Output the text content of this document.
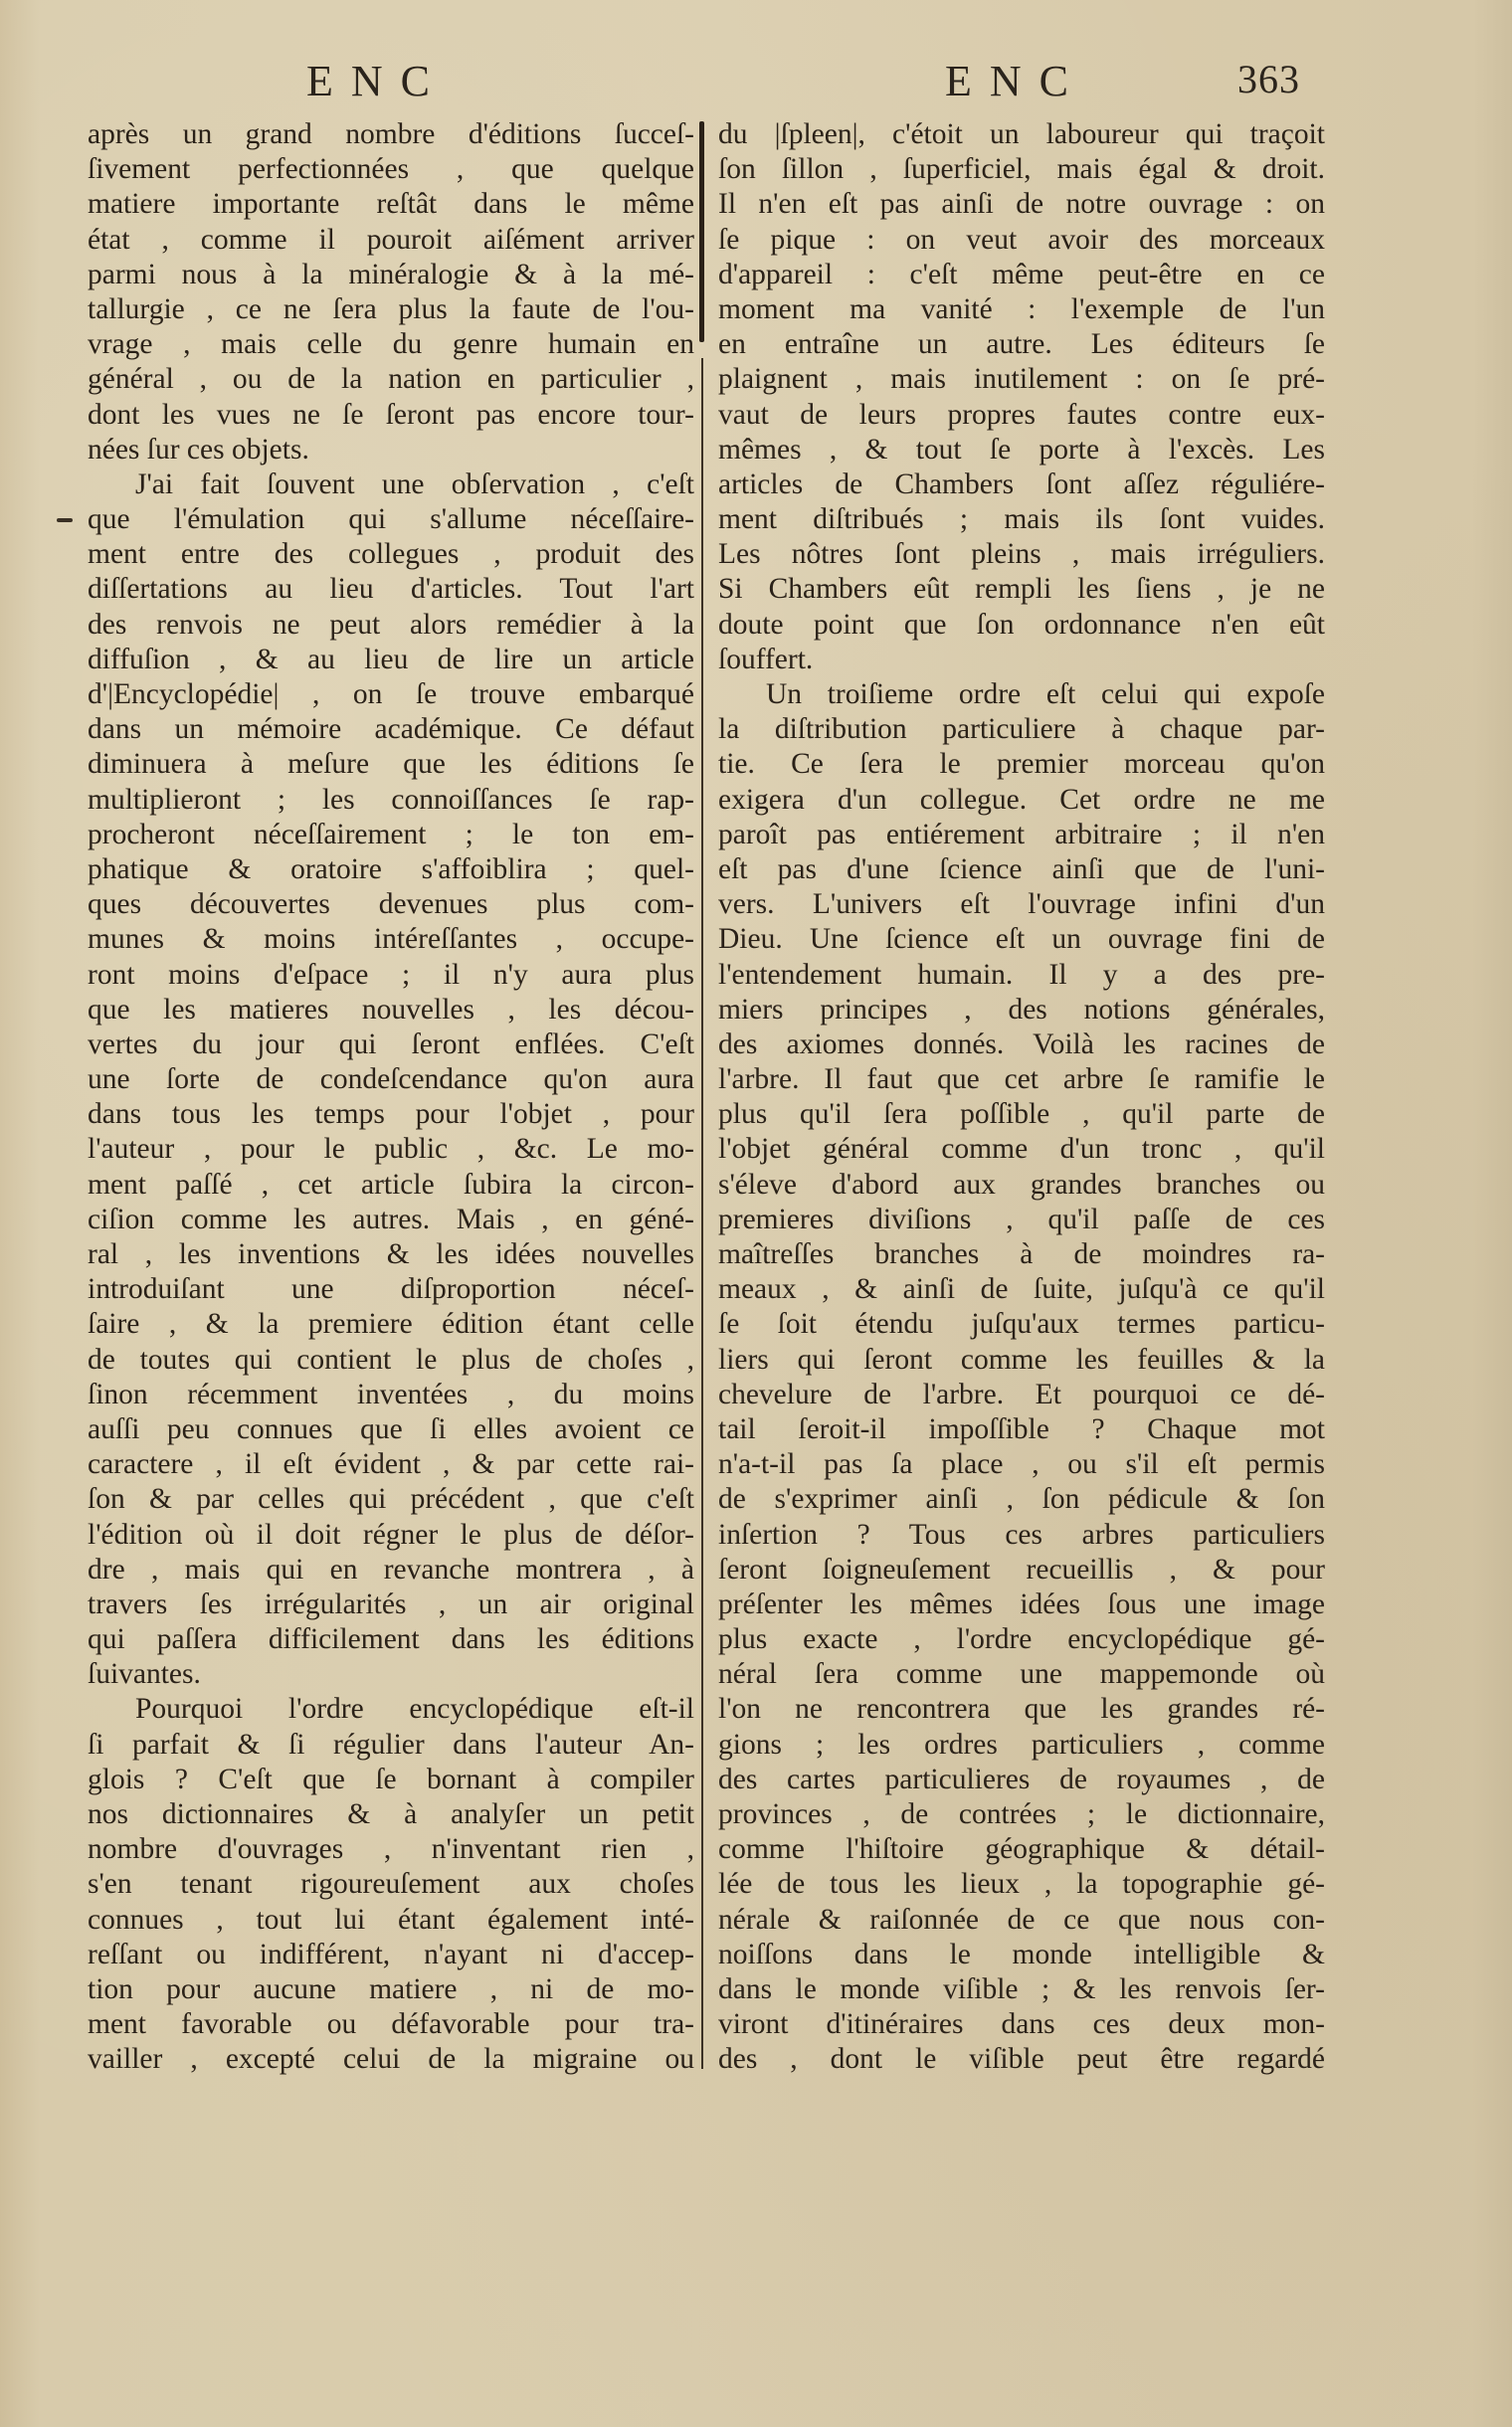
ENC	ENC	363
après un grand nombre d'éditions ſucceſ-
ſivement perfectionnées , que quelque
matiere importante reſtât dans le même
état , comme il pouroit aiſément arriver
parmi nous à la minéralogie & à la mé-
tallurgie , ce ne ſera plus la faute de l'ou-
vrage , mais celle du genre humain en
général , ou de la nation en particulier ,
dont les vues ne ſe ſeront pas encore tour-
nées ſur ces objets.
J'ai fait ſouvent une obſervation , c'eſt
que l'émulation qui s'allume néceſſaire-
ment entre des collegues , produit des
diſſertations au lieu d'articles. Tout l'art
des renvois ne peut alors remédier à la
diffuſion , & au lieu de lire un article
d'|Encyclopédie| , on ſe trouve embarqué
dans un mémoire académique. Ce défaut
diminuera à meſure que les éditions ſe
multiplieront ; les connoiſſances ſe rap-
procheront néceſſairement ; le ton em-
phatique & oratoire s'affoiblira ; quel-
ques découvertes devenues plus com-
munes & moins intéreſſantes , occupe-
ront moins d'eſpace ; il n'y aura plus
que les matieres nouvelles , les décou-
vertes du jour qui ſeront enflées. C'eſt
une ſorte de condeſcendance qu'on aura
dans tous les temps pour l'objet , pour
l'auteur , pour le public , &c. Le mo-
ment paſſé , cet article ſubira la circon-
ciſion comme les autres. Mais , en géné-
ral , les inventions & les idées nouvelles
introduiſant une diſproportion néceſ-
ſaire , & la premiere édition étant celle
de toutes qui contient le plus de choſes ,
ſinon récemment inventées , du moins
auſſi peu connues que ſi elles avoient ce
caractere , il eſt évident , & par cette rai-
ſon & par celles qui précédent , que c'eſt
l'édition où il doit régner le plus de déſor-
dre , mais qui en revanche montrera , à
travers ſes irrégularités , un air original
qui paſſera difficilement dans les éditions
ſuivantes.
Pourquoi l'ordre encyclopédique eſt-il
ſi parfait & ſi régulier dans l'auteur An-
glois ? C'eſt que ſe bornant à compiler
nos dictionnaires & à analyſer un petit
nombre d'ouvrages , n'inventant rien ,
s'en tenant rigoureuſement aux choſes
connues , tout lui étant également inté-
reſſant ou indifférent, n'ayant ni d'accep-
tion pour aucune matiere , ni de mo-
ment favorable ou défavorable pour tra-
vailler , excepté celui de la migraine ou
du |ſpleen|, c'étoit un laboureur qui traçoit
ſon ſillon , ſuperficiel, mais égal & droit.
Il n'en eſt pas ainſi de notre ouvrage : on
ſe pique : on veut avoir des morceaux
d'appareil : c'eſt même peut-être en ce
moment ma vanité : l'exemple de l'un
en entraîne un autre. Les éditeurs ſe
plaignent , mais inutilement : on ſe pré-
vaut de leurs propres fautes contre eux-
mêmes , & tout ſe porte à l'excès. Les
articles de Chambers ſont aſſez réguliére-
ment diſtribués ; mais ils ſont vuides.
Les nôtres ſont pleins , mais irréguliers.
Si Chambers eût rempli les ſiens , je ne
doute point que ſon ordonnance n'en eût
ſouffert.
Un troiſieme ordre eſt celui qui expoſe
la diſtribution particuliere à chaque par-
tie. Ce ſera le premier morceau qu'on
exigera d'un collegue. Cet ordre ne me
paroît pas entiérement arbitraire ; il n'en
eſt pas d'une ſcience ainſi que de l'uni-
vers. L'univers eſt l'ouvrage infini d'un
Dieu. Une ſcience eſt un ouvrage fini de
l'entendement humain. Il y a des pre-
miers principes , des notions générales,
des axiomes donnés. Voilà les racines de
l'arbre. Il faut que cet arbre ſe ramifie le
plus qu'il ſera poſſible , qu'il parte de
l'objet général comme d'un tronc , qu'il
s'éleve d'abord aux grandes branches ou
premieres diviſions , qu'il paſſe de ces
maîtreſſes branches à de moindres ra-
meaux , & ainſi de ſuite, juſqu'à ce qu'il
ſe ſoit étendu juſqu'aux termes particu-
liers qui ſeront comme les feuilles & la
chevelure de l'arbre. Et pourquoi ce dé-
tail ſeroit-il impoſſible ? Chaque mot
n'a-t-il pas ſa place , ou s'il eſt permis
de s'exprimer ainſi , ſon pédicule & ſon
inſertion ? Tous ces arbres particuliers
ſeront ſoigneuſement recueillis , & pour
préſenter les mêmes idées ſous une image
plus exacte , l'ordre encyclopédique gé-
néral ſera comme une mappemonde où
l'on ne rencontrera que les grandes ré-
gions ; les ordres particuliers , comme
des cartes particulieres de royaumes , de
provinces , de contrées ; le dictionnaire,
comme l'hiſtoire géographique & détail-
lée de tous les lieux , la topographie gé-
nérale & raiſonnée de ce que nous con-
noiſſons dans le monde intelligible &
dans le monde viſible ; & les renvois ſer-
viront d'itinéraires dans ces deux mon-
des , dont le viſible peut être regardé
